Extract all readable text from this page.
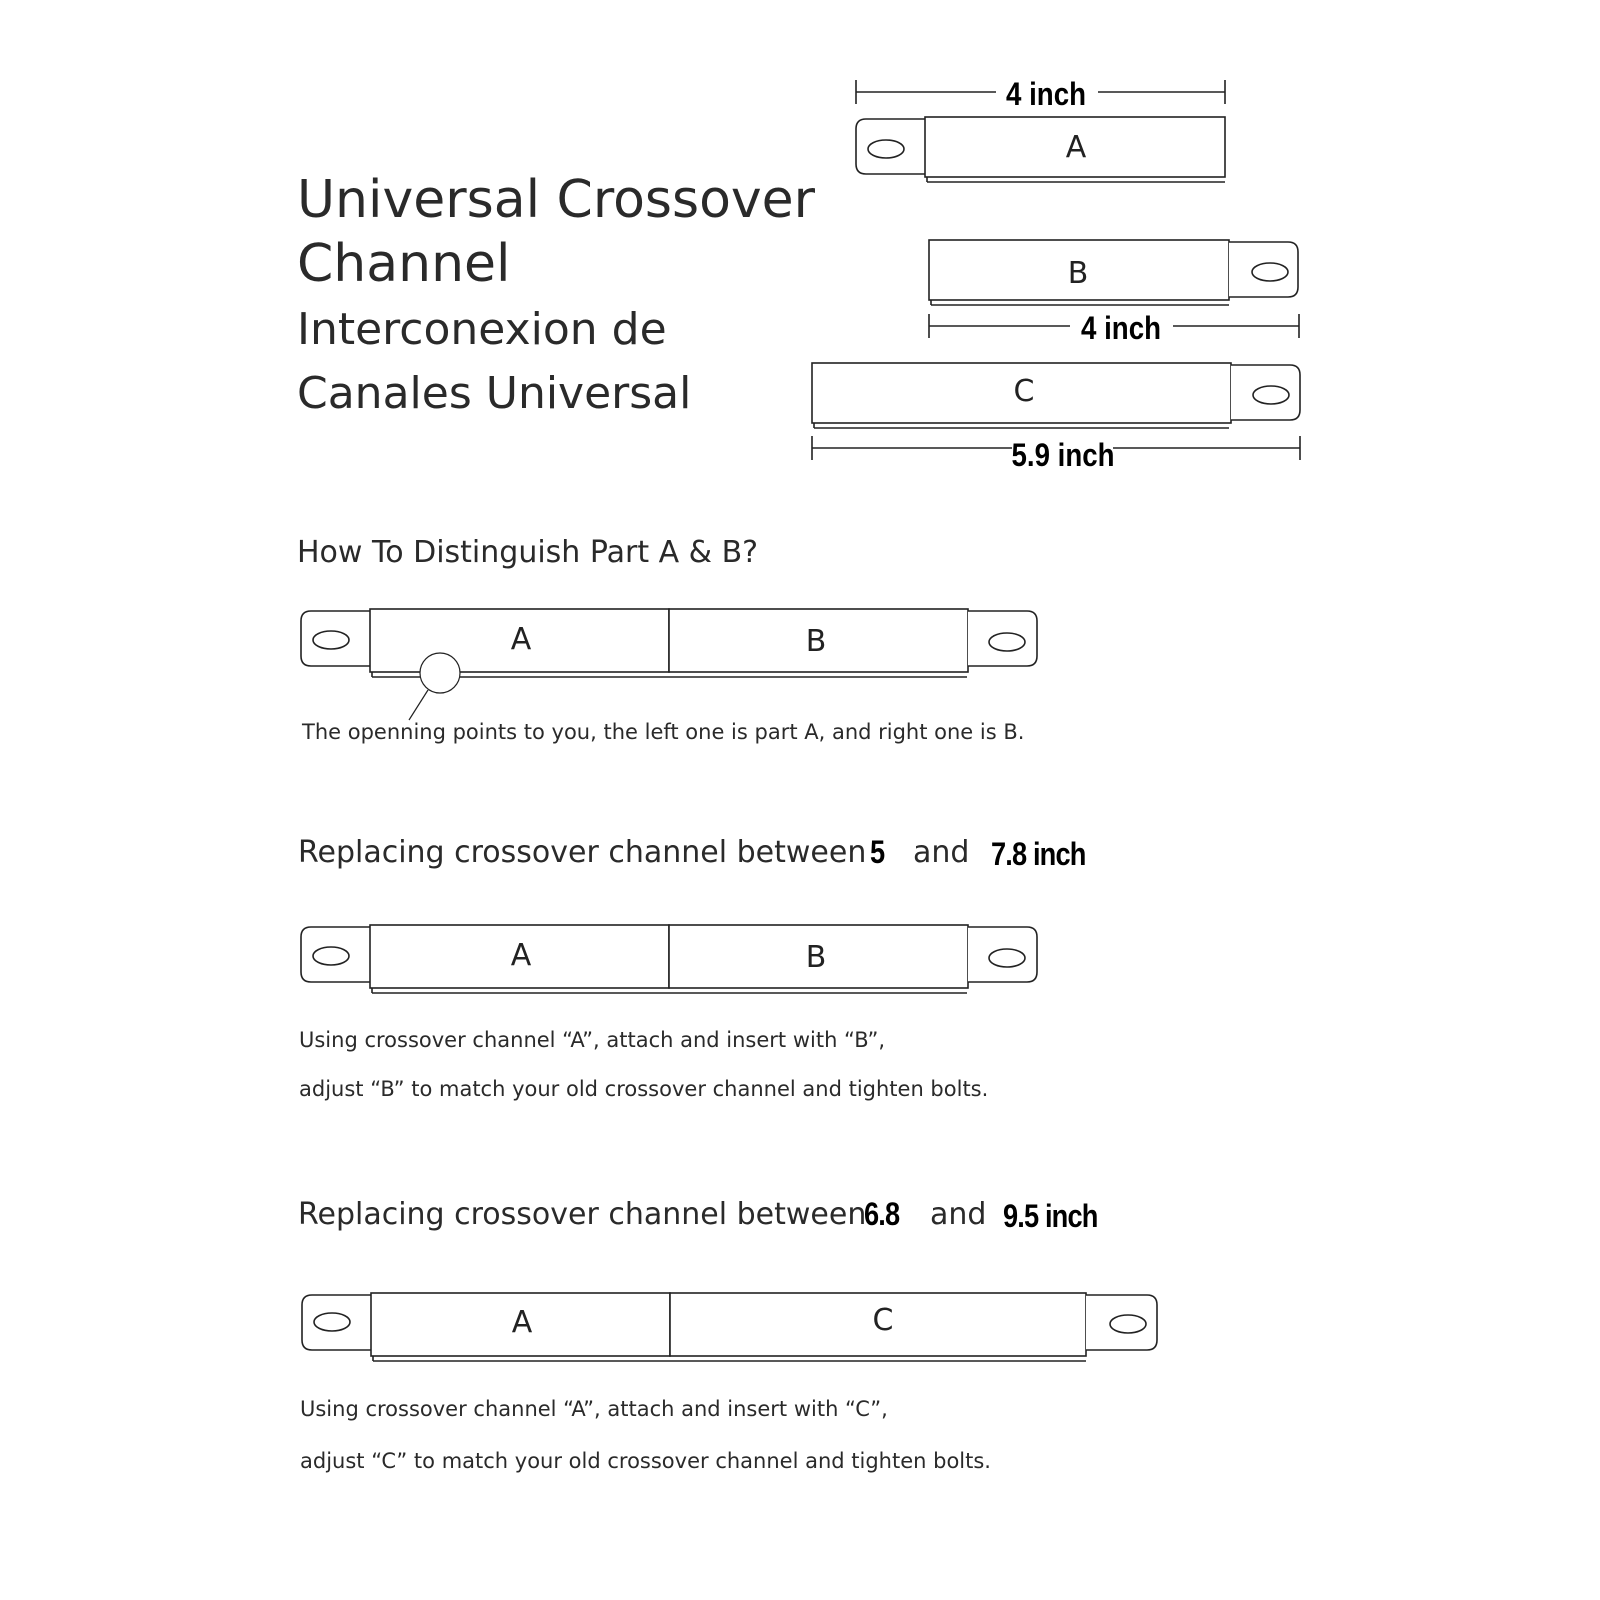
Universal Crossover
Channel
Interconexion de
Canales Universal
A
B
C
4 inch
4 inch
5.9 inch
A	B
A	B
A	C
How To Distinguish Part A & B?
The openning points to you, the left one is part A, and right one is B.
Replacing crossover channel between 5 and 7.8 inch
Using crossover channel “A”, attach and insert with “B”,
adjust “B” to match your old crossover channel and tighten bolts.
Replacing crossover channel between
6.8 and 9.5 inch
Using crossover channel “A”, attach and insert with “C”,
adjust “C” to match your old crossover channel and tighten bolts.
